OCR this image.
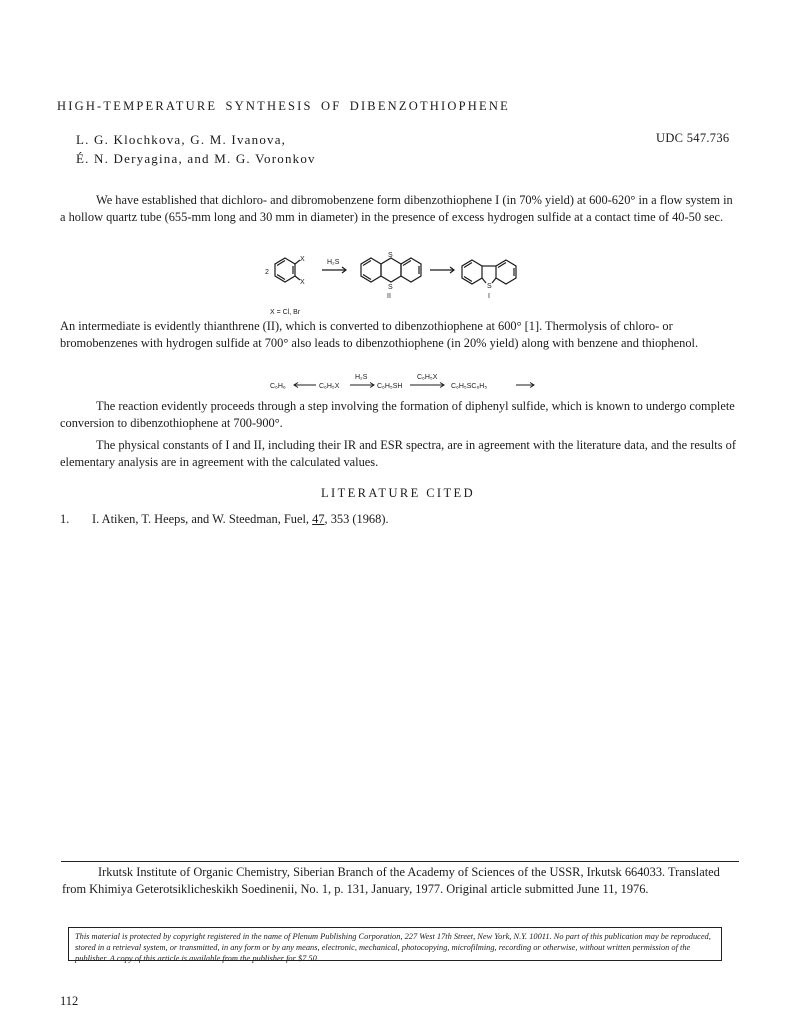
HIGH-TEMPERATURE SYNTHESIS OF DIBENZOTHIOPHENE
L. G. Klochkova, G. M. Ivanova,
É. N. Deryagina, and M. G. Voronkov
UDC 547.736

We have established that dichloro- and dibromobenzene form dibenzothiophene I (in 70% yield) at 600-620° in a flow system in a hollow quartz tube (655-mm long and 30 mm in diameter) in the presence of excess hydrogen sulfide at a contact time of 40-50 sec.

2
X
X
H₂S
S
S
II
S
I
X = Cl, Br

An intermediate is evidently thianthrene (II), which is converted to dibenzothiophene at 600° [1]. Thermolysis of chloro- or bromobenzenes with hydrogen sulfide at 700° also leads to dibenzothiophene (in 20% yield) along with benzene and thiophenol.

C₆H₆	C₆H₅X
H₂S
C₆H₅SH
C₆H₅X
C₆H₅SC₆H₅

The reaction evidently proceeds through a step involving the formation of diphenyl sulfide, which is known to undergo complete conversion to dibenzothiophene at 700-900°.

The physical constants of I and II, including their IR and ESR spectra, are in agreement with the literature data, and the results of elementary analysis are in agreement with the calculated values.

LITERATURE CITED
1. I. Atiken, T. Heeps, and W. Steedman, Fuel, 47, 353 (1968).

Irkutsk Institute of Organic Chemistry, Siberian Branch of the Academy of Sciences of the USSR, Irkutsk 664033. Translated from Khimiya Geterotsiklicheskikh Soedinenii, No. 1, p. 131, January, 1977. Original article submitted June 11, 1976.

This material is protected by copyright registered in the name of Plenum Publishing Corporation, 227 West 17th Street, New York, N.Y. 10011. No part of this publication may be reproduced, stored in a retrieval system, or transmitted, in any form or by any means, electronic, mechanical, photocopying, microfilming, recording or otherwise, without written permission of the publisher. A copy of this article is available from the publisher for $7.50.
112
